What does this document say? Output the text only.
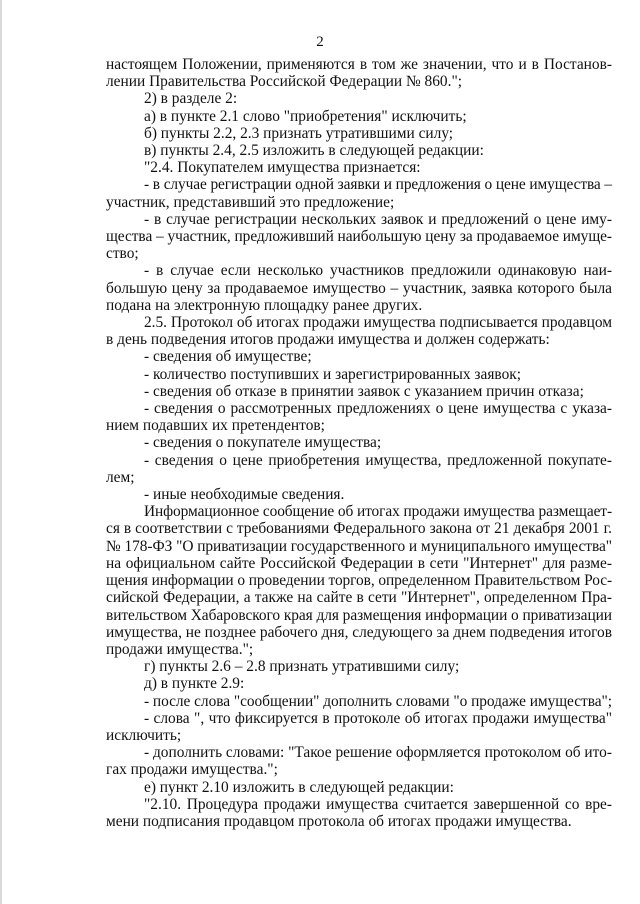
2
настоящем Положении, применяются в том же значении, что и в Постанов-
лении Правительства Российской Федерации № 860.";
2) в разделе 2:
а) в пункте 2.1 слово "приобретения" исключить;
б) пункты 2.2, 2.3 признать утратившими силу;
в) пункты 2.4, 2.5 изложить в следующей редакции:
"2.4. Покупателем имущества признается:
- в случае регистрации одной заявки и предложения о цене имущества –
участник, представивший это предложение;
- в случае регистрации нескольких заявок и предложений о цене иму-
щества – участник, предложивший наибольшую цену за продаваемое имуще-
ство;
- в случае если несколько участников предложили одинаковую наи-
большую цену за продаваемое имущество – участник, заявка которого была
подана на электронную площадку ранее других.
2.5. Протокол об итогах продажи имущества подписывается продавцом
в день подведения итогов продажи имущества и должен содержать:
- сведения об имуществе;
- количество поступивших и зарегистрированных заявок;
- сведения об отказе в принятии заявок с указанием причин отказа;
- сведения о рассмотренных предложениях о цене имущества с указа-
нием подавших их претендентов;
- сведения о покупателе имущества;
- сведения о цене приобретения имущества, предложенной покупате-
лем;
- иные необходимые сведения.
Информационное сообщение об итогах продажи имущества размещает-
ся в соответствии с требованиями Федерального закона от 21 декабря 2001 г.
№ 178-ФЗ "О приватизации государственного и муниципального имущества"
на официальном сайте Российской Федерации в сети "Интернет" для разме-
щения информации о проведении торгов, определенном Правительством Рос-
сийской Федерации, а также на сайте в сети "Интернет", определенном Пра-
вительством Хабаровского края для размещения информации о приватизации
имущества, не позднее рабочего дня, следующего за днем подведения итогов
продажи имущества.";
г) пункты 2.6 – 2.8 признать утратившими силу;
д) в пункте 2.9:
- после слова "сообщении" дополнить словами "о продаже имущества";
- слова ", что фиксируется в протоколе об итогах продажи имущества"
исключить;
- дополнить словами: "Такое решение оформляется протоколом об ито-
гах продажи имущества.";
е) пункт 2.10 изложить в следующей редакции:
"2.10. Процедура продажи имущества считается завершенной со вре-
мени подписания продавцом протокола об итогах продажи имущества.
